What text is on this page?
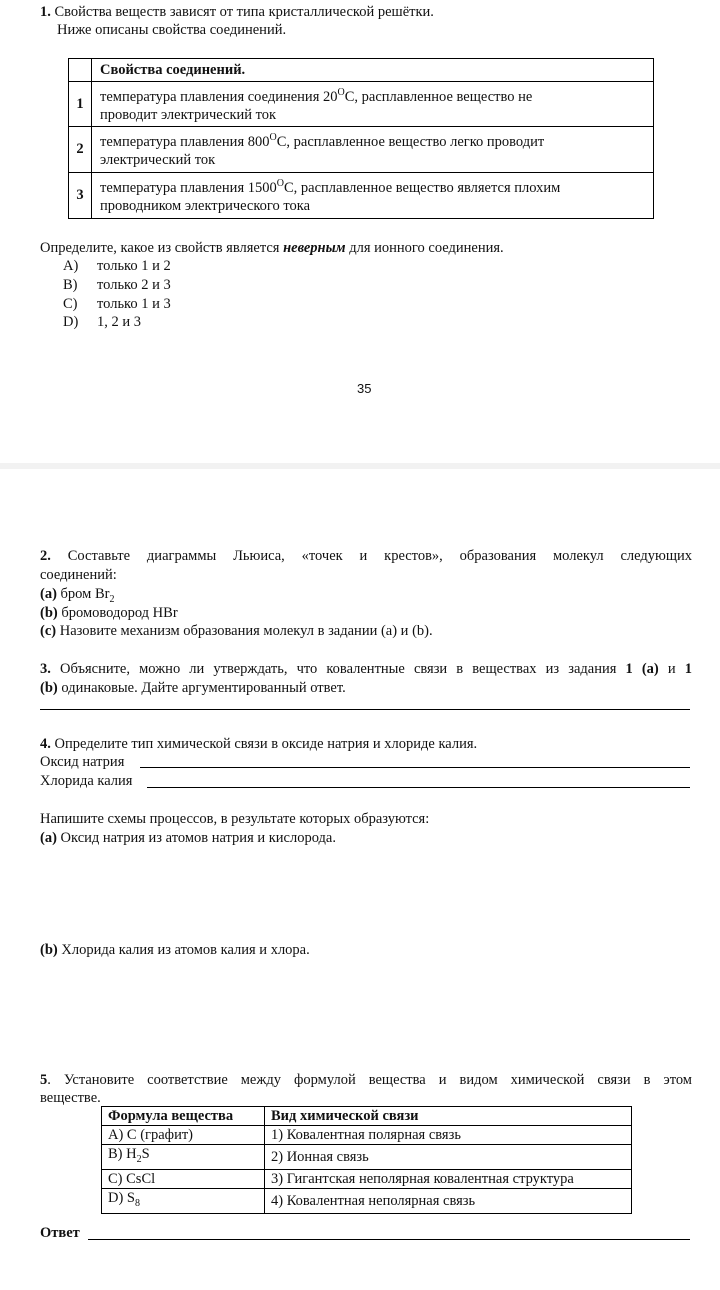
1. Свойства веществ зависят от типа кристаллической решётки.
Ниже описаны свойства соединений.
	Свойства соединений.
1	температура плавления соединения $20^OC$, расплавленное вещество не
проводит электрический ток
2	температура плавления $800^OC$, расплавленное вещество легко проводит
электрический ток
3	температура плавления $1500^OC$, расплавленное вещество является плохим
проводником электрического тока
Определите, какое из свойств является неверным для ионного соединения.
A) только 1 и 2
B) только 2 и 3
C) только 1 и 3
D) 1, 2 и 3
35
2. Составьте диаграммы Льюиса, «точек и крестов», образования молекул следующих
соединений:
(a) бром $Br_2$
(b) бромоводород HBr
(c) Назовите механизм образования молекул в задании (a) и (b).
3. Объясните, можно ли утверждать, что ковалентные связи в веществах из задания 1 (a) и 1
(b) одинаковые. Дайте аргументированный ответ.
4. Определите тип химической связи в оксиде натрия и хлориде калия.
Оксид натрия
Хлорида калия
Напишите схемы процессов, в результате которых образуются:
(a) Оксид натрия из атомов натрия и кислорода.
(b) Хлорида калия из атомов калия и хлора.
5. Установите соответствие между формулой вещества и видом химической связи в этом
веществе.
Формула вещества	Вид химической связи
A) C (графит)	1) Ковалентная полярная связь
B) $H_2S$	2) Ионная связь
C) CsCl	3) Гигантская неполярная ковалентная структура
D) $S_8$	4) Ковалентная неполярная связь
Ответ
